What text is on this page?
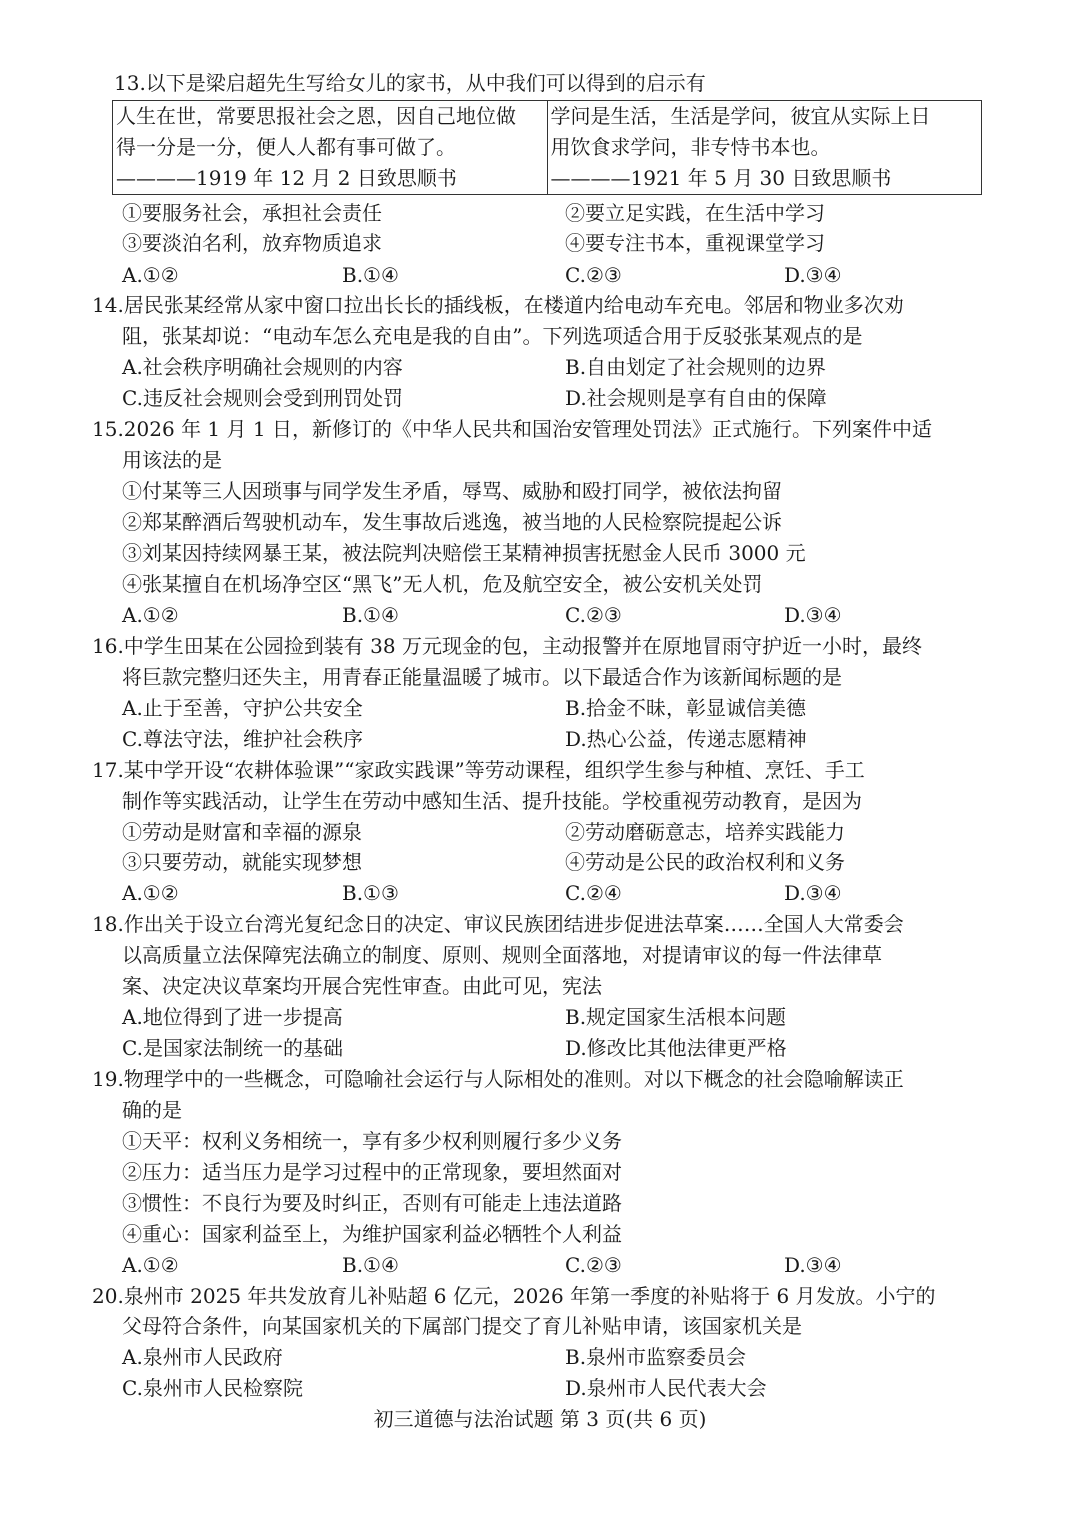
13.以下是梁启超先生写给女儿的家书，从中我们可以得到的启示有
人生在世，常要思报社会之恩，因自己地位做
得一分是一分，便人人都有事可做了。
————1919 年 12 月 2 日致思顺书

学问是生活，生活是学问，彼宜从实际上日
用饮食求学问，非专恃书本也。
————1921 年 5 月 30 日致思顺书
①要服务社会，承担社会责任	②要立足实践，在生活中学习
③要淡泊名利，放弃物质追求	④要专注书本，重视课堂学习
A.①②	B.①④	C.②③	D.③④
14.居民张某经常从家中窗口拉出长长的插线板，在楼道内给电动车充电。邻居和物业多次劝
阻，张某却说：“电动车怎么充电是我的自由”。下列选项适合用于反驳张某观点的是
A.社会秩序明确社会规则的内容	B.自由划定了社会规则的边界
C.违反社会规则会受到刑罚处罚	D.社会规则是享有自由的保障
15.2026 年 1 月 1 日，新修订的《中华人民共和国治安管理处罚法》正式施行。下列案件中适
用该法的是
①付某等三人因琐事与同学发生矛盾，辱骂、威胁和殴打同学，被依法拘留
②郑某醉酒后驾驶机动车，发生事故后逃逸，被当地的人民检察院提起公诉
③刘某因持续网暴王某，被法院判决赔偿王某精神损害抚慰金人民币 3000 元
④张某擅自在机场净空区“黑飞”无人机，危及航空安全，被公安机关处罚
A.①②	B.①④	C.②③	D.③④
16.中学生田某在公园捡到装有 38 万元现金的包，主动报警并在原地冒雨守护近一小时，最终
将巨款完整归还失主，用青春正能量温暖了城市。以下最适合作为该新闻标题的是
A.止于至善，守护公共安全	B.拾金不昧，彰显诚信美德
C.尊法守法，维护社会秩序	D.热心公益，传递志愿精神
17.某中学开设“农耕体验课”“家政实践课”等劳动课程，组织学生参与种植、烹饪、手工
制作等实践活动，让学生在劳动中感知生活、提升技能。学校重视劳动教育，是因为
①劳动是财富和幸福的源泉	②劳动磨砺意志，培养实践能力
③只要劳动，就能实现梦想	④劳动是公民的政治权利和义务
A.①②	B.①③	C.②④	D.③④
18.作出关于设立台湾光复纪念日的决定、审议民族团结进步促进法草案……全国人大常委会
以高质量立法保障宪法确立的制度、原则、规则全面落地，对提请审议的每一件法律草
案、决定决议草案均开展合宪性审查。由此可见，宪法
A.地位得到了进一步提高	B.规定国家生活根本问题
C.是国家法制统一的基础	D.修改比其他法律更严格
19.物理学中的一些概念，可隐喻社会运行与人际相处的准则。对以下概念的社会隐喻解读正
确的是
①天平：权利义务相统一，享有多少权利则履行多少义务
②压力：适当压力是学习过程中的正常现象，要坦然面对
③惯性：不良行为要及时纠正，否则有可能走上违法道路
④重心：国家利益至上，为维护国家利益必牺牲个人利益
A.①②	B.①④	C.②③	D.③④
20.泉州市 2025 年共发放育儿补贴超 6 亿元，2026 年第一季度的补贴将于 6 月发放。小宁的
父母符合条件，向某国家机关的下属部门提交了育儿补贴申请，该国家机关是
A.泉州市人民政府	B.泉州市监察委员会
C.泉州市人民检察院	D.泉州市人民代表大会
初三道德与法治试题 第 3 页(共 6 页)
